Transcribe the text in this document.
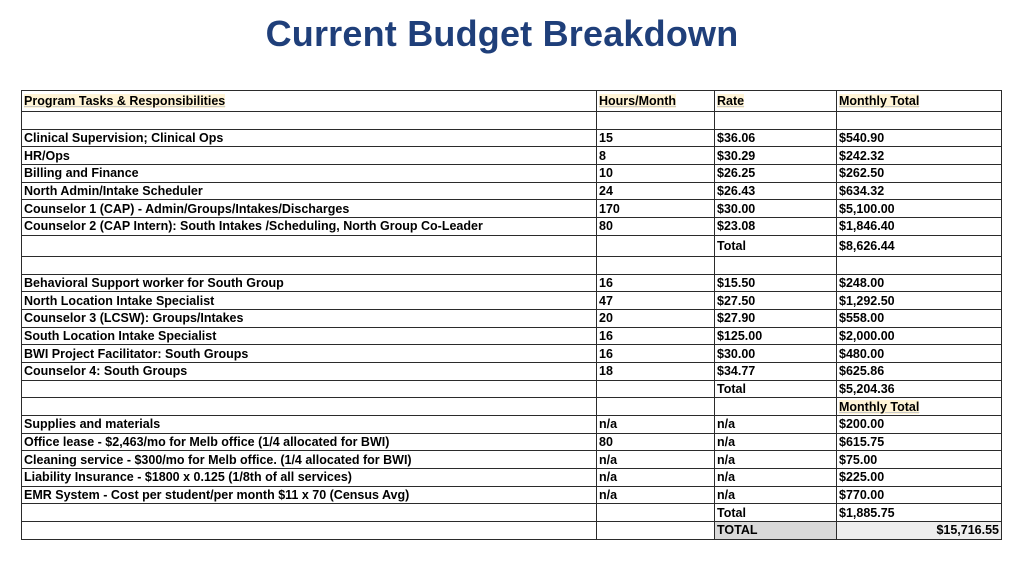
Current Budget Breakdown
Program Tasks & Responsibilities	Hours/Month	Rate	Monthly Total

Clinical Supervision; Clinical Ops	15	$36.06	$540.90
HR/Ops	8	$30.29	$242.32
Billing and Finance	10	$26.25	$262.50
North Admin/Intake Scheduler	24	$26.43	$634.32
Counselor 1 (CAP) - Admin/Groups/Intakes/Discharges	170	$30.00	$5,100.00
Counselor 2 (CAP Intern): South Intakes /Scheduling, North Group Co-Leader	80	$23.08	$1,846.40
		Total	$8,626.44

Behavioral Support worker for South Group	16	$15.50	$248.00
North Location Intake Specialist	47	$27.50	$1,292.50
Counselor 3 (LCSW): Groups/Intakes	20	$27.90	$558.00
South Location Intake Specialist	16	$125.00	$2,000.00
BWI Project Facilitator: South Groups	16	$30.00	$480.00
Counselor 4: South Groups	18	$34.77	$625.86
		Total	$5,204.36
			Monthly Total
Supplies and materials	n/a	n/a	$200.00
Office lease - $2,463/mo for Melb office (1/4 allocated for BWI)	80	n/a	$615.75
Cleaning service - $300/mo for Melb office. (1/4 allocated for BWI)	n/a	n/a	$75.00
Liability Insurance - $1800 x 0.125 (1/8th of all services)	n/a	n/a	$225.00
EMR System - Cost per student/per month $11 x 70 (Census Avg)	n/a	n/a	$770.00
		Total	$1,885.75
		TOTAL	$15,716.55
